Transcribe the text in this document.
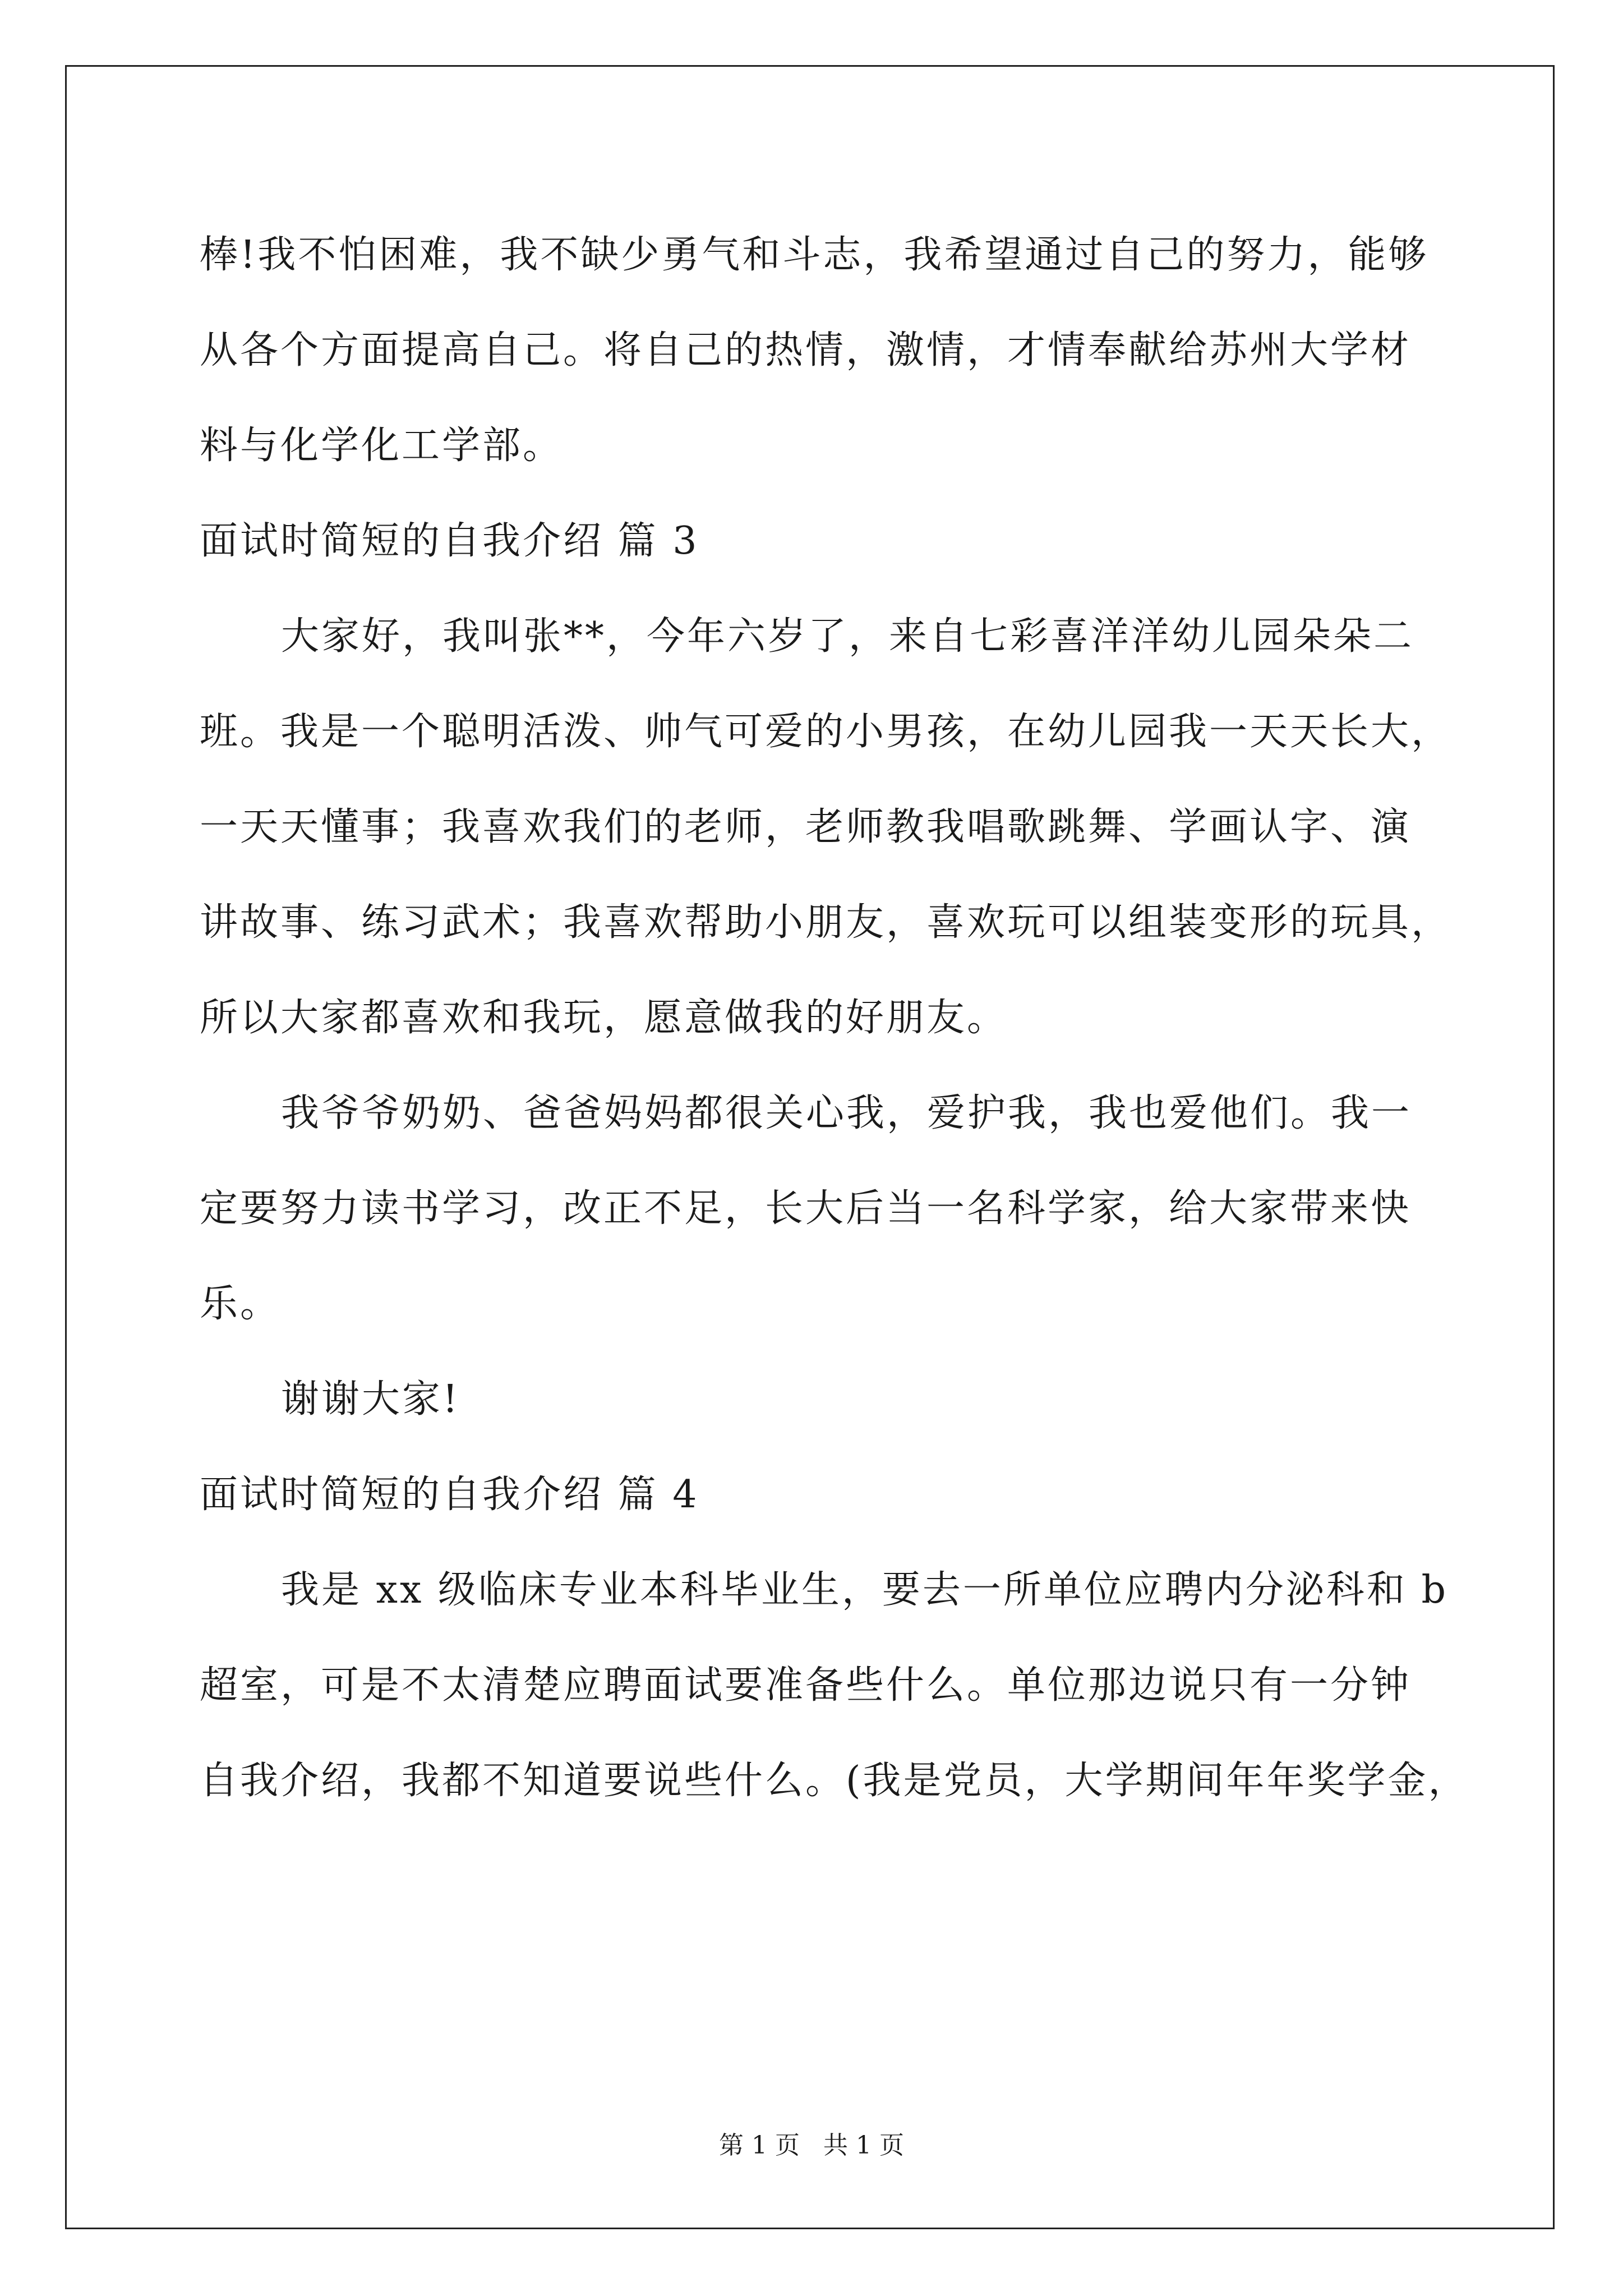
棒!我不怕困难，我不缺少勇气和斗志，我希望通过自己的努力，能够

从各个方面提高自己。将自己的热情，激情，才情奉献给苏州大学材

料与化学化工学部。

面试时简短的自我介绍 篇 3

大家好，我叫张**，今年六岁了，来自七彩喜洋洋幼儿园朵朵二

班。我是一个聪明活泼、帅气可爱的小男孩，在幼儿园我一天天长大，

一天天懂事；我喜欢我们的老师，老师教我唱歌跳舞、学画认字、演

讲故事、练习武术；我喜欢帮助小朋友，喜欢玩可以组装变形的玩具，

所以大家都喜欢和我玩，愿意做我的好朋友。

我爷爷奶奶、爸爸妈妈都很关心我，爱护我，我也爱他们。我一

定要努力读书学习，改正不足，长大后当一名科学家，给大家带来快

乐。

谢谢大家!

面试时简短的自我介绍 篇 4

我是 xx 级临床专业本科毕业生，要去一所单位应聘内分泌科和 b

超室，可是不太清楚应聘面试要准备些什么。单位那边说只有一分钟

自我介绍，我都不知道要说些什么。(我是党员，大学期间年年奖学金，

第 1 页 共 1 页
